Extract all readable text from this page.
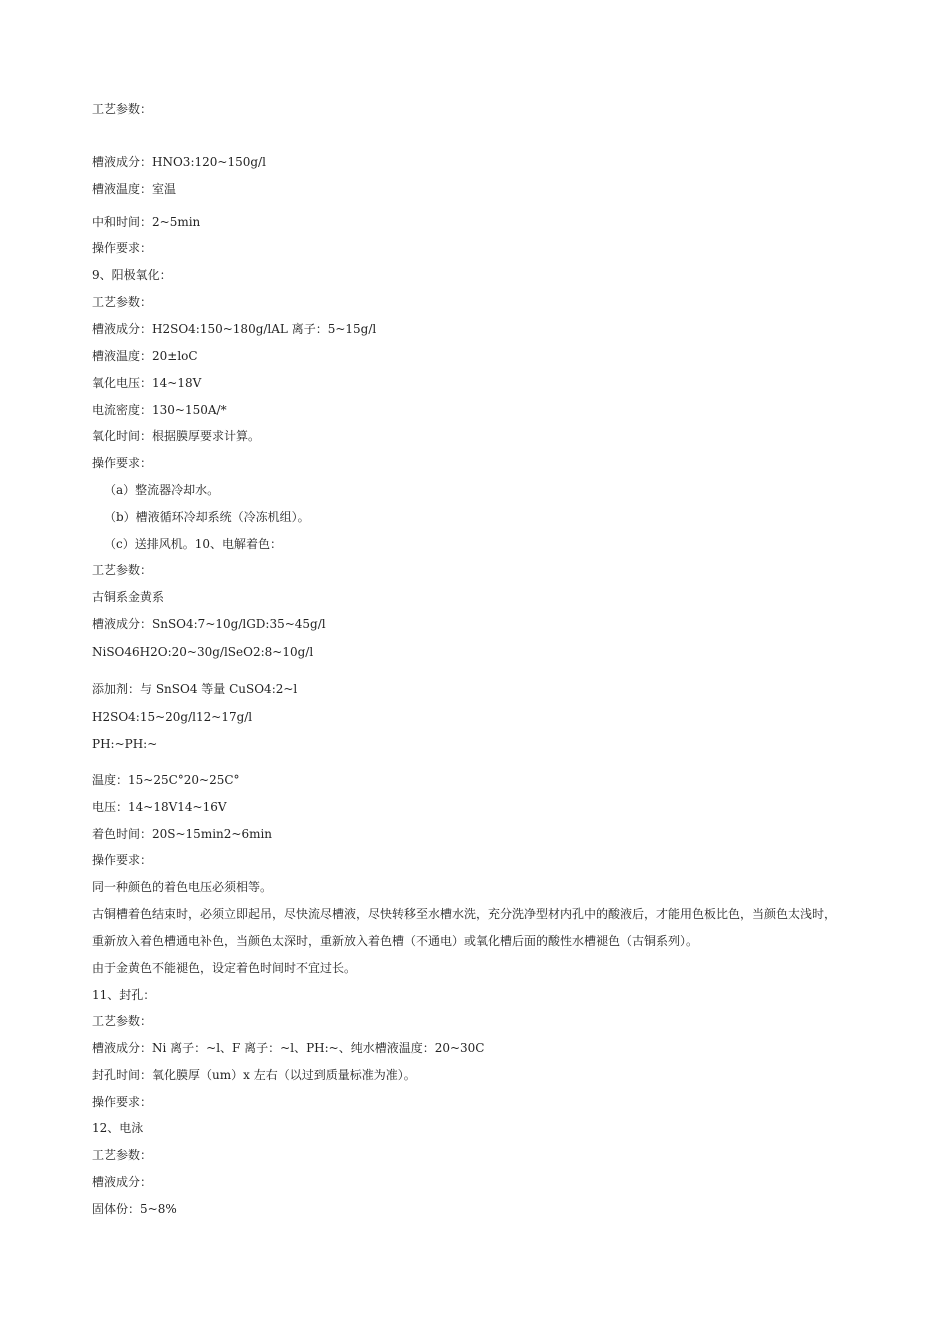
工艺参数：
槽液成分：HNO3:120~150g/l
槽液温度：室温
中和时间：2~5min
操作要求：
9、阳极氧化：
工艺参数：
槽液成分：H2SO4:150~180g/lAL 离子：5~15g/l
槽液温度：20±loC
氧化电压：14~18V
电流密度：130~150A/*
氧化时间：根据膜厚要求计算。
操作要求：
（a）整流器冷却水。
（b）槽液循环冷却系统（冷冻机组）。
（c）送排风机。10、电解着色：
工艺参数：
古铜系金黄系
槽液成分：SnSO4:7~10g/lGD:35~45g/l
NiSO46H2O:20~30g/lSeO2:8~10g/l
添加剂：与 SnSO4 等量 CuSO4:2~l
H2SO4:15~20g/l12~17g/l
PH:~PH:~
温度：15~25C°20~25C°
电压：14~18V14~16V
着色时间：20S~15min2~6min
操作要求：
同一种颜色的着色电压必须相等。
古铜槽着色结束时，必须立即起吊，尽快流尽槽液，尽快转移至水槽水洗，充分洗净型材内孔中的酸液后，才能用色板比色，当颜色太浅时，
重新放入着色槽通电补色，当颜色太深时，重新放入着色槽（不通电）或氧化槽后面的酸性水槽褪色（古铜系列）。
由于金黄色不能褪色，设定着色时间时不宜过长。
11、封孔：
工艺参数：
槽液成分：Ni 离子：~l、F 离子：~l、PH:~、纯水槽液温度：20~30C
封孔时间：氧化膜厚（um）x 左右（以过到质量标准为准）。
操作要求：
12、电泳
工艺参数：
槽液成分：
固体份：5~8%
